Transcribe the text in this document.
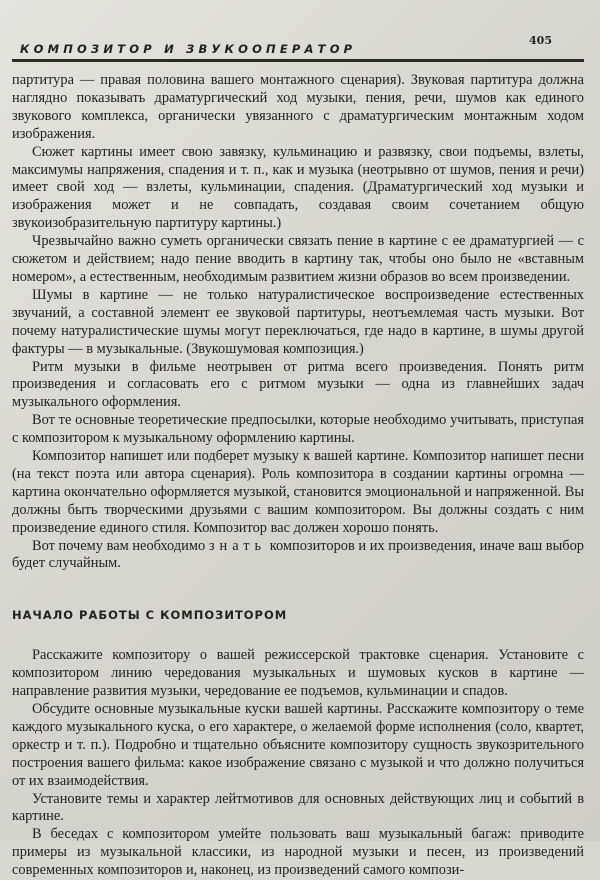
КОМПОЗИТОР И ЗВУКООПЕРАТОР
405

партитура — правая половина вашего монтажного сценария). Звуковая партитура должна наглядно показывать драматургический ход музыки, пения, речи, шумов как единого звукового комплекса, органически увязанного с драматургическим монтажным ходом изображения.

Сюжет картины имеет свою завязку, кульминацию и развязку, свои подъемы, взлеты, максимумы напряжения, спадения и т. п., как и музыка (неотрывно от шумов, пения и речи) имеет свой ход — взлеты, кульминации, спадения. (Драматургический ход музыки и изображения может и не совпадать, создавая своим сочетанием общую звукоизобразительную партитуру картины.)

Чрезвычайно важно суметь органически связать пение в картине с ее драматургией — с сюжетом и действием; надо пение вводить в картину так, чтобы оно было не «вставным номером», а естественным, необходимым развитием жизни образов во всем произведении.

Шумы в картине — не только натуралистическое воспроизведение естественных звучаний, а составной элемент ее звуковой партитуры, неотъемлемая часть музыки. Вот почему натуралистические шумы могут переключаться, где надо в картине, в шумы другой фактуры — в музыкальные. (Звукошумовая композиция.)

Ритм музыки в фильме неотрывен от ритма всего произведения. Понять ритм произведения и согласовать его с ритмом музыки — одна из главнейших задач музыкального оформления.

Вот те основные теоретические предпосылки, которые необходимо учитывать, приступая с композитором к музыкальному оформлению картины.

Композитор напишет или подберет музыку к вашей картине. Композитор напишет песни (на текст поэта или автора сценария). Роль композитора в создании картины огромна — картина окончательно оформляется музыкой, становится эмоциональной и напряженной. Вы должны быть творческими друзьями с вашим композитором. Вы должны создать с ним произведение единого стиля. Композитор вас должен хорошо понять.

Вот почему вам необходимо знать композиторов и их произведения, иначе ваш выбор будет случайным.

НАЧАЛО РАБОТЫ С КОМПОЗИТОРОМ

Расскажите композитору о вашей режиссерской трактовке сценария. Установите с композитором линию чередования музыкальных и шумовых кусков в картине — направление развития музыки, чередование ее подъемов, кульминации и спадов.

Обсудите основные музыкальные куски вашей картины. Расскажите композитору о теме каждого музыкального куска, о его характере, о желаемой форме исполнения (соло, квартет, оркестр и т. п.). Подробно и тщательно объясните композитору сущность звукозрительного построения вашего фильма: какое изображение связано с музыкой и что должно получиться от их взаимодействия.

Установите темы и характер лейтмотивов для основных действующих лиц и событий в картине.

В беседах с композитором умейте пользовать ваш музыкальный багаж: приводите примеры из музыкальной классики, из народной музыки и песен, из произведений современных композиторов и, наконец, из произведений самого компози-
